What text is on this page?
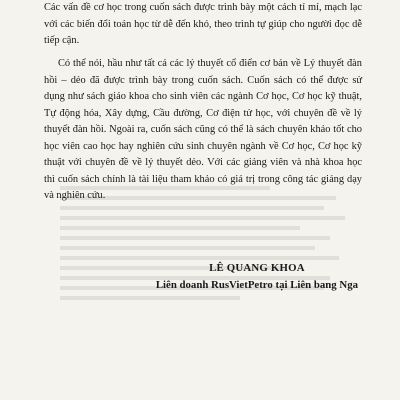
Các vấn đề cơ học trong cuốn sách được trình bày một cách tỉ mỉ, mạch lạc với các biến đổi toán học từ dễ đến khó, theo trình tự giúp cho người đọc dễ tiếp cận.

Có thể nói, hầu như tất cả các lý thuyết cổ điển cơ bản về Lý thuyết đàn hồi – dẻo đã được trình bày trong cuốn sách. Cuốn sách có thể được sử dụng như sách giáo khoa cho sinh viên các ngành Cơ học, Cơ học kỹ thuật, Tự động hóa, Xây dựng, Cầu đường, Cơ điện tử học, với chuyên đề về lý thuyết đàn hồi. Ngoài ra, cuốn sách cũng có thể là sách chuyên khảo tốt cho học viên cao học hay nghiên cứu sinh chuyên ngành về Cơ học, Cơ học kỹ thuật với chuyên đề về lý thuyết dẻo. Với các giảng viên và nhà khoa học thì cuốn sách chính là tài liệu tham khảo có giá trị trong công tác giảng dạy và nghiên cứu.

LÊ QUANG KHOA
Liên doanh RusVietPetro tại Liên bang Nga
